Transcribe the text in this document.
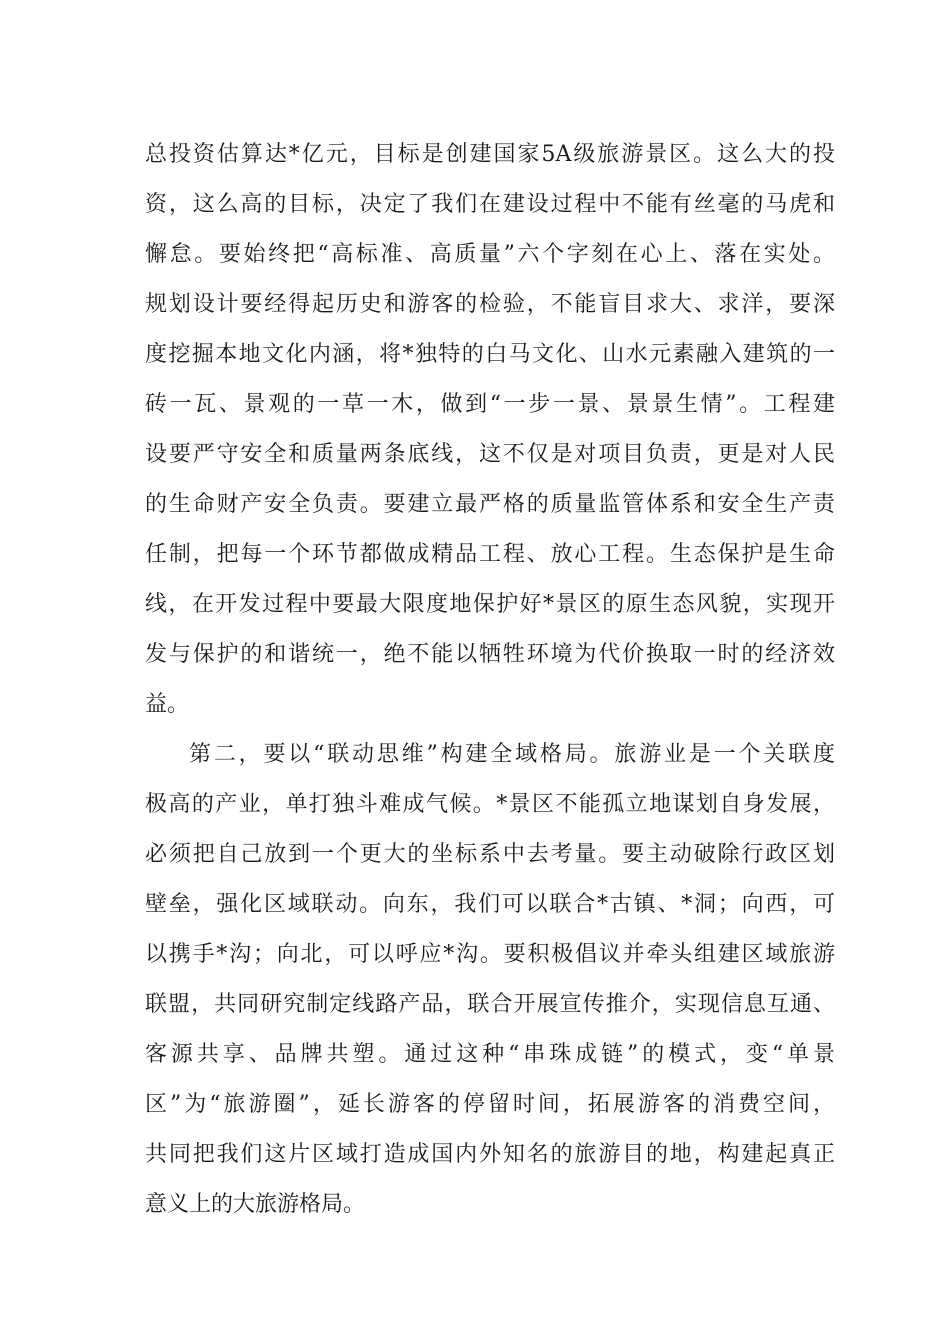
总投资估算达*亿元，目标是创建国家5A级旅游景区。这么大的投
资，这么高的目标，决定了我们在建设过程中不能有丝毫的马虎和
懈怠。要始终把“高标准、高质量”六个字刻在心上、落在实处。
规划设计要经得起历史和游客的检验，不能盲目求大、求洋，要深
度挖掘本地文化内涵，将*独特的白马文化、山水元素融入建筑的一
砖一瓦、景观的一草一木，做到“一步一景、景景生情”。工程建
设要严守安全和质量两条底线，这不仅是对项目负责，更是对人民
的生命财产安全负责。要建立最严格的质量监管体系和安全生产责
任制，把每一个环节都做成精品工程、放心工程。生态保护是生命
线，在开发过程中要最大限度地保护好*景区的原生态风貌，实现开
发与保护的和谐统一，绝不能以牺牲环境为代价换取一时的经济效
益。
第二，要以“联动思维”构建全域格局。旅游业是一个关联度
极高的产业，单打独斗难成气候。*景区不能孤立地谋划自身发展，
必须把自己放到一个更大的坐标系中去考量。要主动破除行政区划
壁垒，强化区域联动。向东，我们可以联合*古镇、*洞；向西，可
以携手*沟；向北，可以呼应*沟。要积极倡议并牵头组建区域旅游
联盟，共同研究制定线路产品，联合开展宣传推介，实现信息互通、
客源共享、品牌共塑。通过这种“串珠成链”的模式，变“单景
区”为“旅游圈”，延长游客的停留时间，拓展游客的消费空间，
共同把我们这片区域打造成国内外知名的旅游目的地，构建起真正
意义上的大旅游格局。
